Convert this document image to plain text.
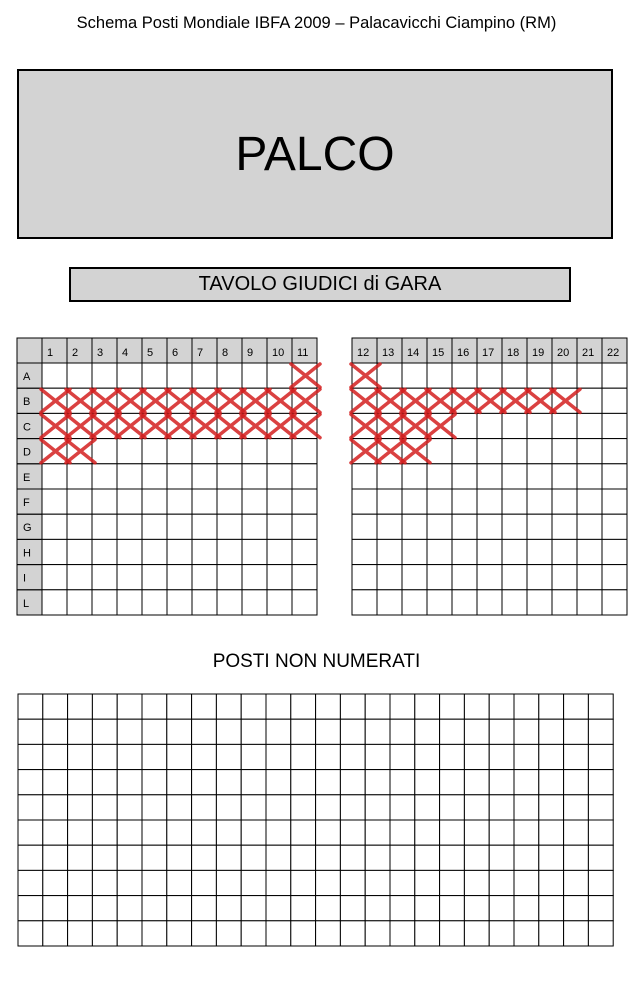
Schema Posti Mondiale IBFA 2009 – Palacavicchi Ciampino (RM)
PALCO
TAVOLO GIUDICI di GARA
1 2 3 4 5 6 7 8 9 10 11	12 13 14 15 16 17 18 19 20 21 22
A
B
C
D
E
F
G
H
I
L
POSTI NON NUMERATI
